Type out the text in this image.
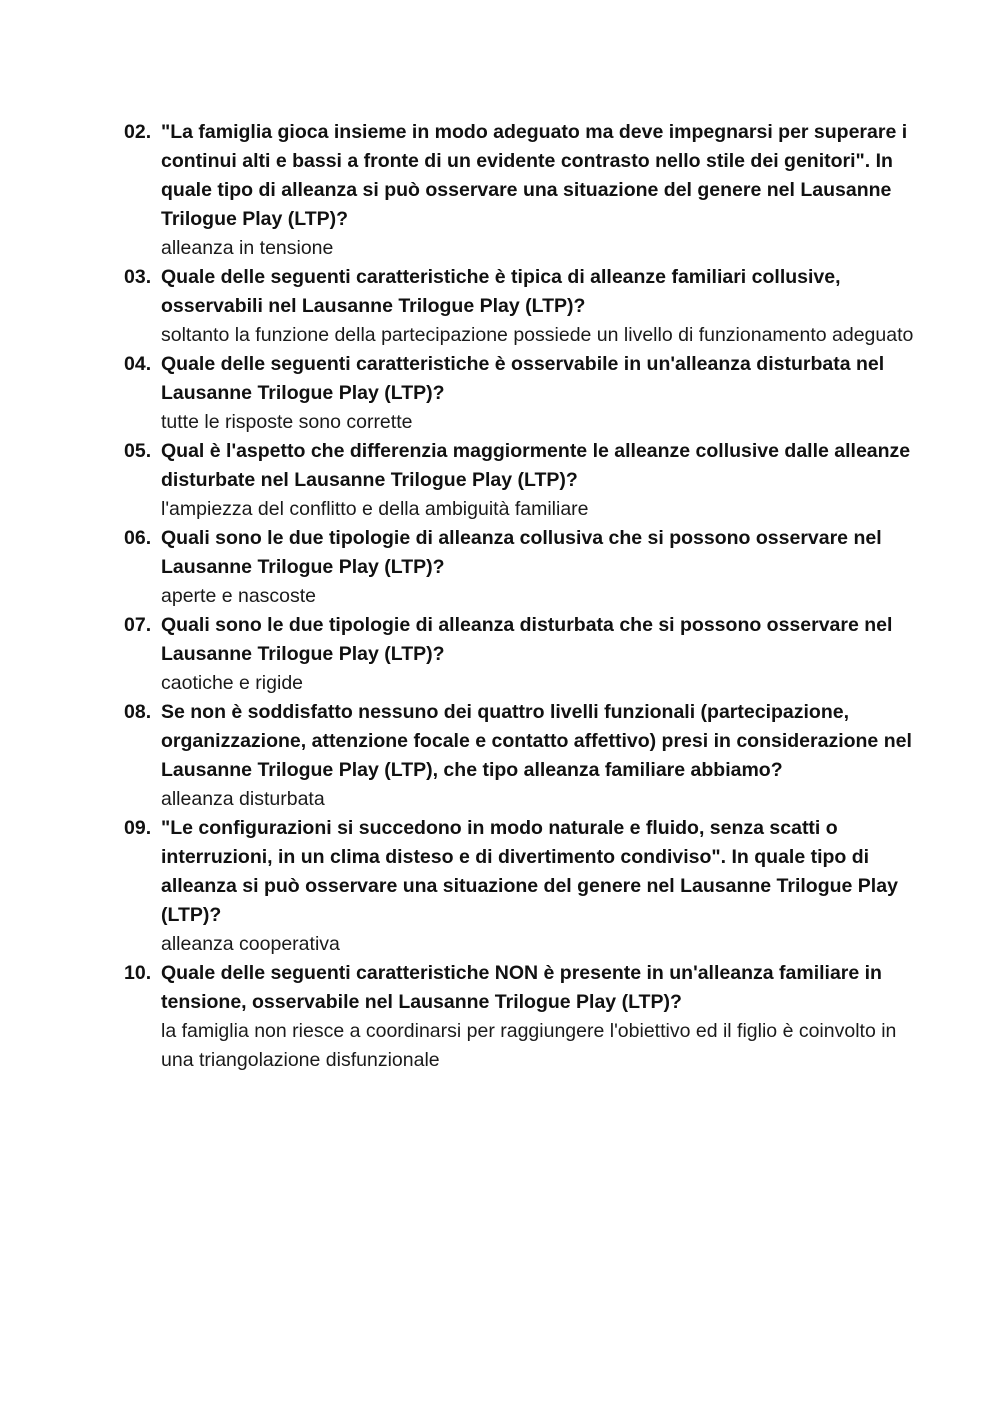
02. "La famiglia gioca insieme in modo adeguato ma deve impegnarsi per superare i continui alti e bassi a fronte di un evidente contrasto nello stile dei genitori". In quale tipo di alleanza si può osservare una situazione del genere nel Lausanne Trilogue Play (LTP)?
alleanza in tensione
03. Quale delle seguenti caratteristiche è tipica di alleanze familiari collusive, osservabili nel Lausanne Trilogue Play (LTP)?
soltanto la funzione della partecipazione possiede un livello di funzionamento adeguato
04. Quale delle seguenti caratteristiche è osservabile in un'alleanza disturbata nel Lausanne Trilogue Play (LTP)?
tutte le risposte sono corrette
05. Qual è l'aspetto che differenzia maggiormente le alleanze collusive dalle alleanze disturbate nel Lausanne Trilogue Play (LTP)?
l'ampiezza del conflitto e della ambiguità familiare
06. Quali sono le due tipologie di alleanza collusiva che si possono osservare nel Lausanne Trilogue Play (LTP)?
aperte e nascoste
07. Quali sono le due tipologie di alleanza disturbata che si possono osservare nel Lausanne Trilogue Play (LTP)?
caotiche e rigide
08. Se non è soddisfatto nessuno dei quattro livelli funzionali (partecipazione, organizzazione, attenzione focale e contatto affettivo) presi in considerazione nel Lausanne Trilogue Play (LTP), che tipo alleanza familiare abbiamo?
alleanza disturbata
09. "Le configurazioni si succedono in modo naturale e fluido, senza scatti o interruzioni, in un clima disteso e di divertimento condiviso". In quale tipo di alleanza si può osservare una situazione del genere nel Lausanne Trilogue Play (LTP)?
alleanza cooperativa
10. Quale delle seguenti caratteristiche NON è presente in un'alleanza familiare in tensione, osservabile nel Lausanne Trilogue Play (LTP)?
la famiglia non riesce a coordinarsi per raggiungere l'obiettivo ed il figlio è coinvolto in una triangolazione disfunzionale
